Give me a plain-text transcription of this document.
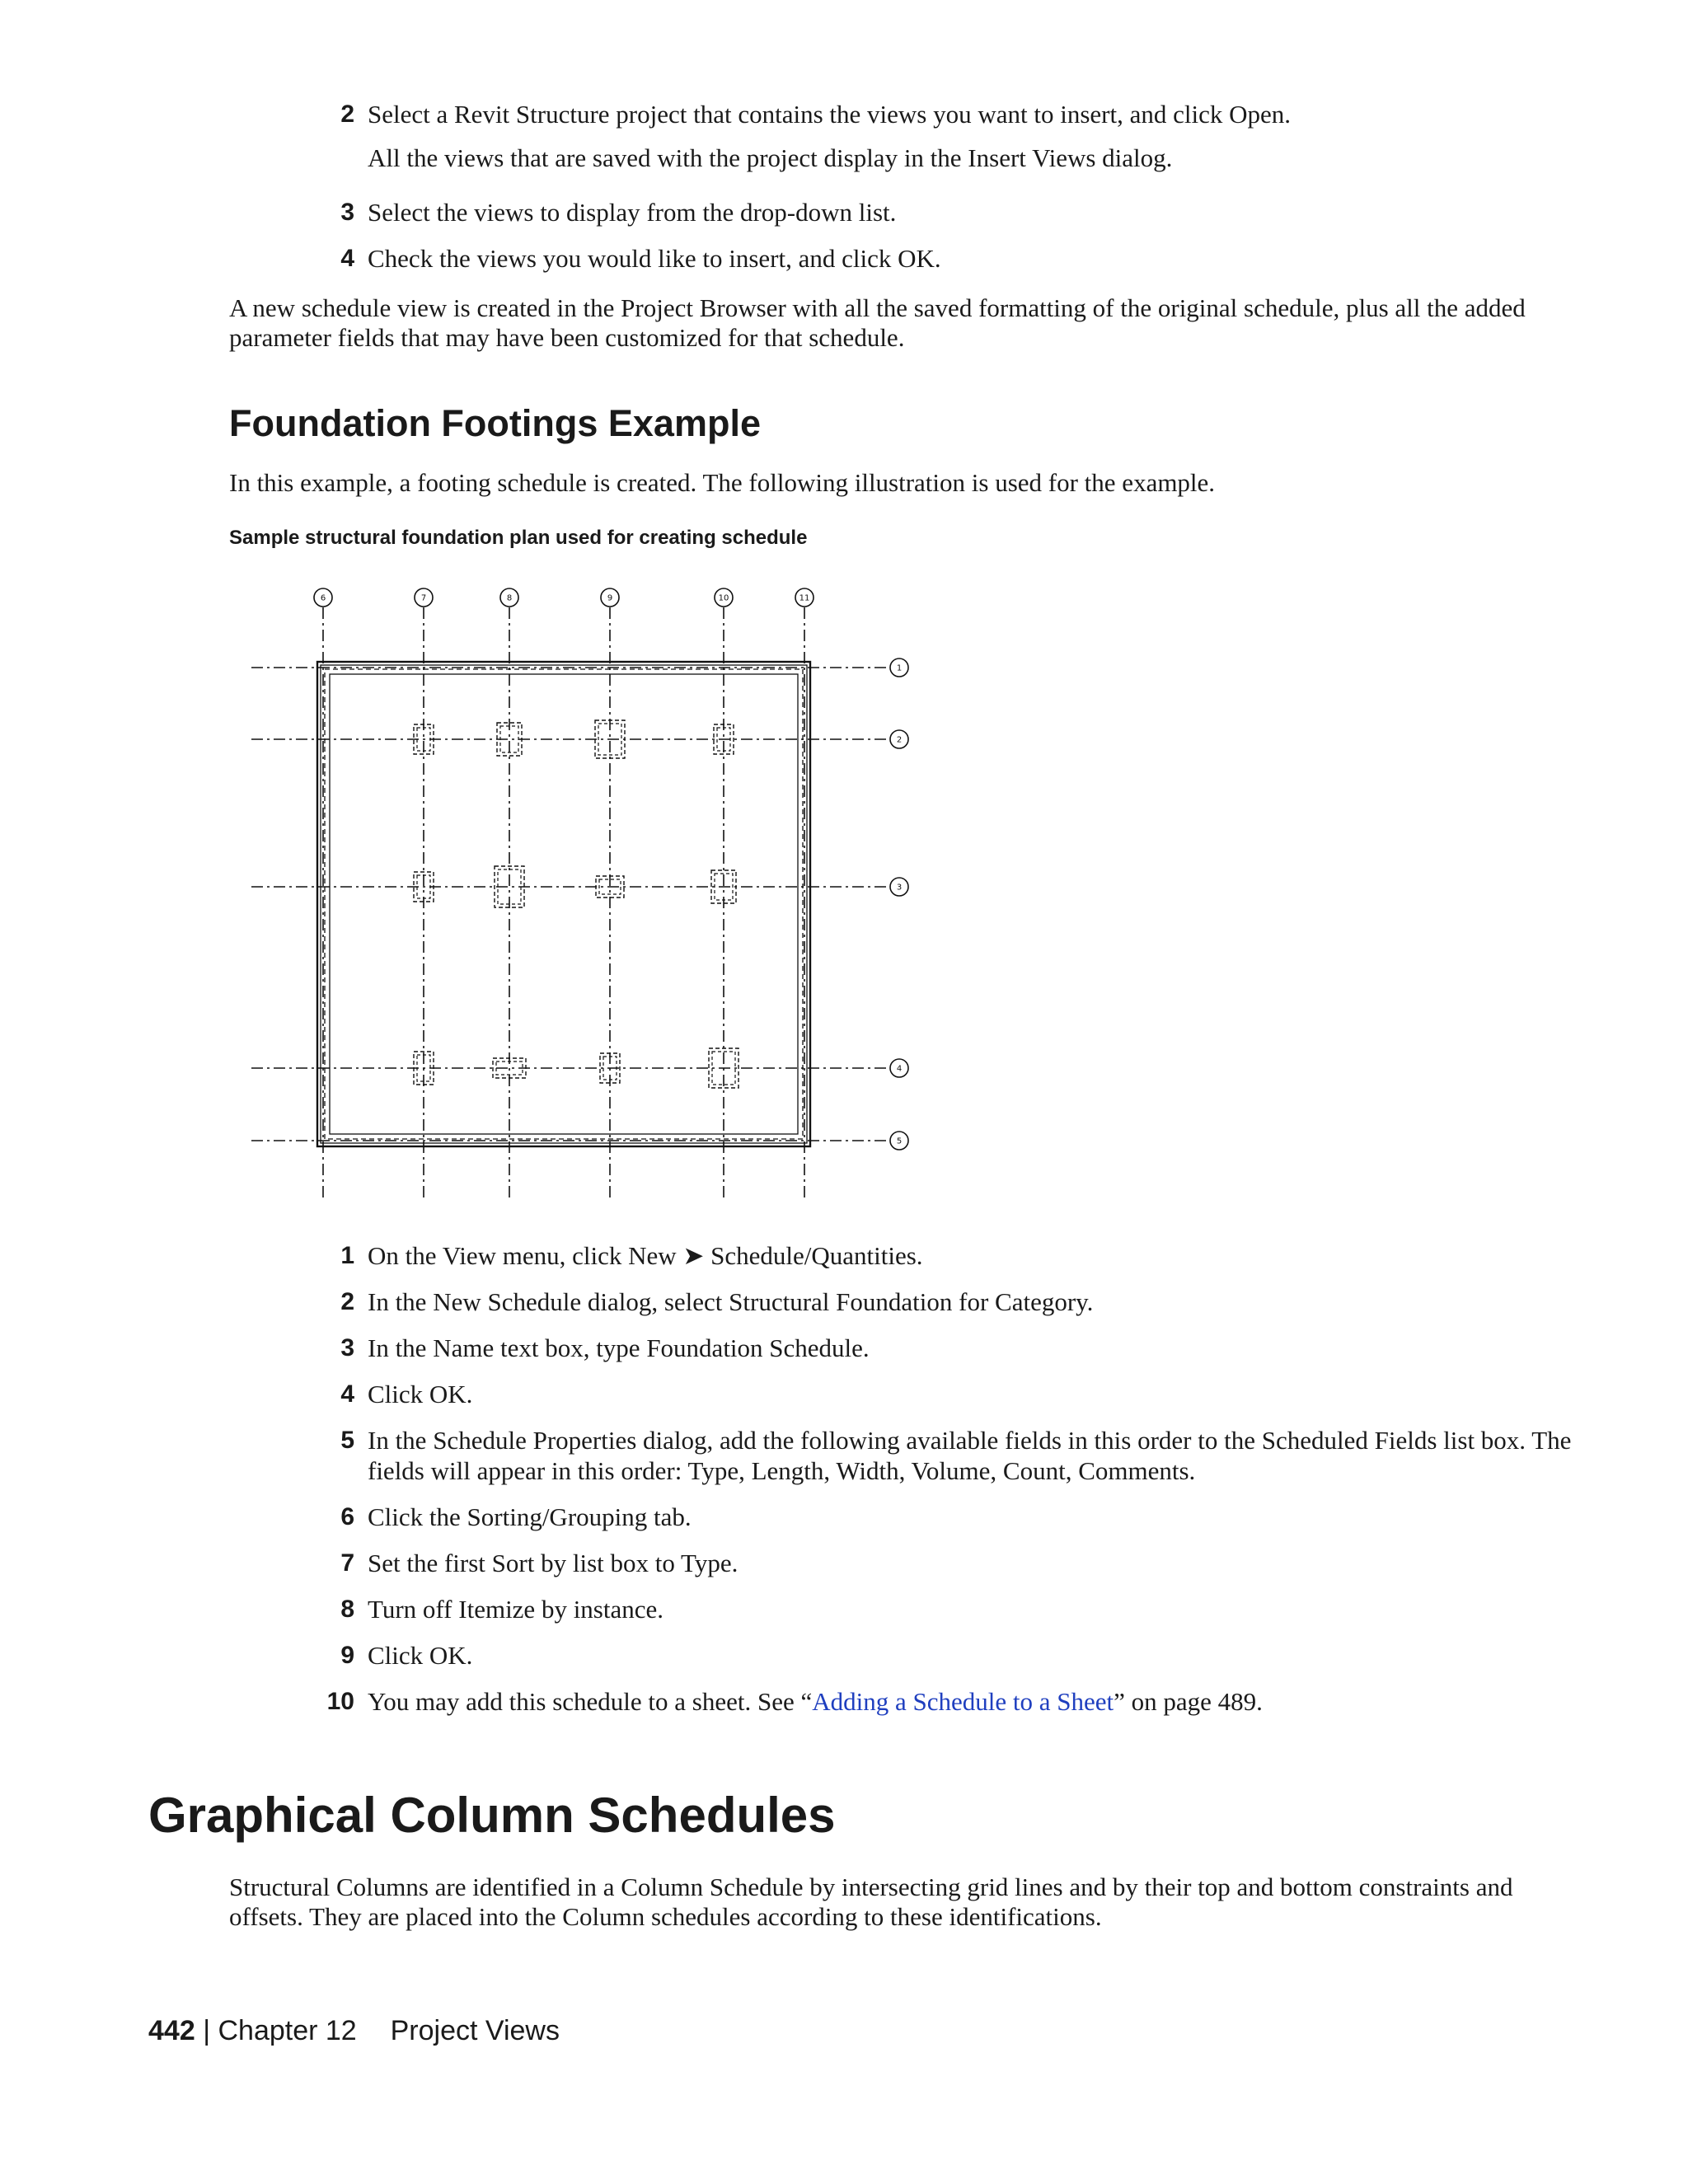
2 Select a Revit Structure project that contains the views you want to insert, and click Open.
All the views that are saved with the project display in the Insert Views dialog.
3 Select the views to display from the drop-down list.
4 Check the views you would like to insert, and click OK.

A new schedule view is created in the Project Browser with all the saved formatting of the original schedule, plus all the added parameter fields that may have been customized for that schedule.

Foundation Footings Example

In this example, a footing schedule is created. The following illustration is used for the example.

Sample structural foundation plan used for creating schedule
6	7	8	9	10	11
1
2
3
4
5
1 On the View menu, click New ➤ Schedule/Quantities.
2 In the New Schedule dialog, select Structural Foundation for Category.
3 In the Name text box, type Foundation Schedule.
4 Click OK.
5 In the Schedule Properties dialog, add the following available fields in this order to the Scheduled Fields list box. The fields will appear in this order: Type, Length, Width, Volume, Count, Comments.
6 Click the Sorting/Grouping tab.
7 Set the first Sort by list box to Type.
8 Turn off Itemize by instance.
9 Click OK.
10 You may add this schedule to a sheet. See “Adding a Schedule to a Sheet” on page 489.
Graphical Column Schedules

Structural Columns are identified in a Column Schedule by intersecting grid lines and by their top and bottom constraints and offsets. They are placed into the Column schedules according to these identifications.

442 | Chapter 12 Project Views
